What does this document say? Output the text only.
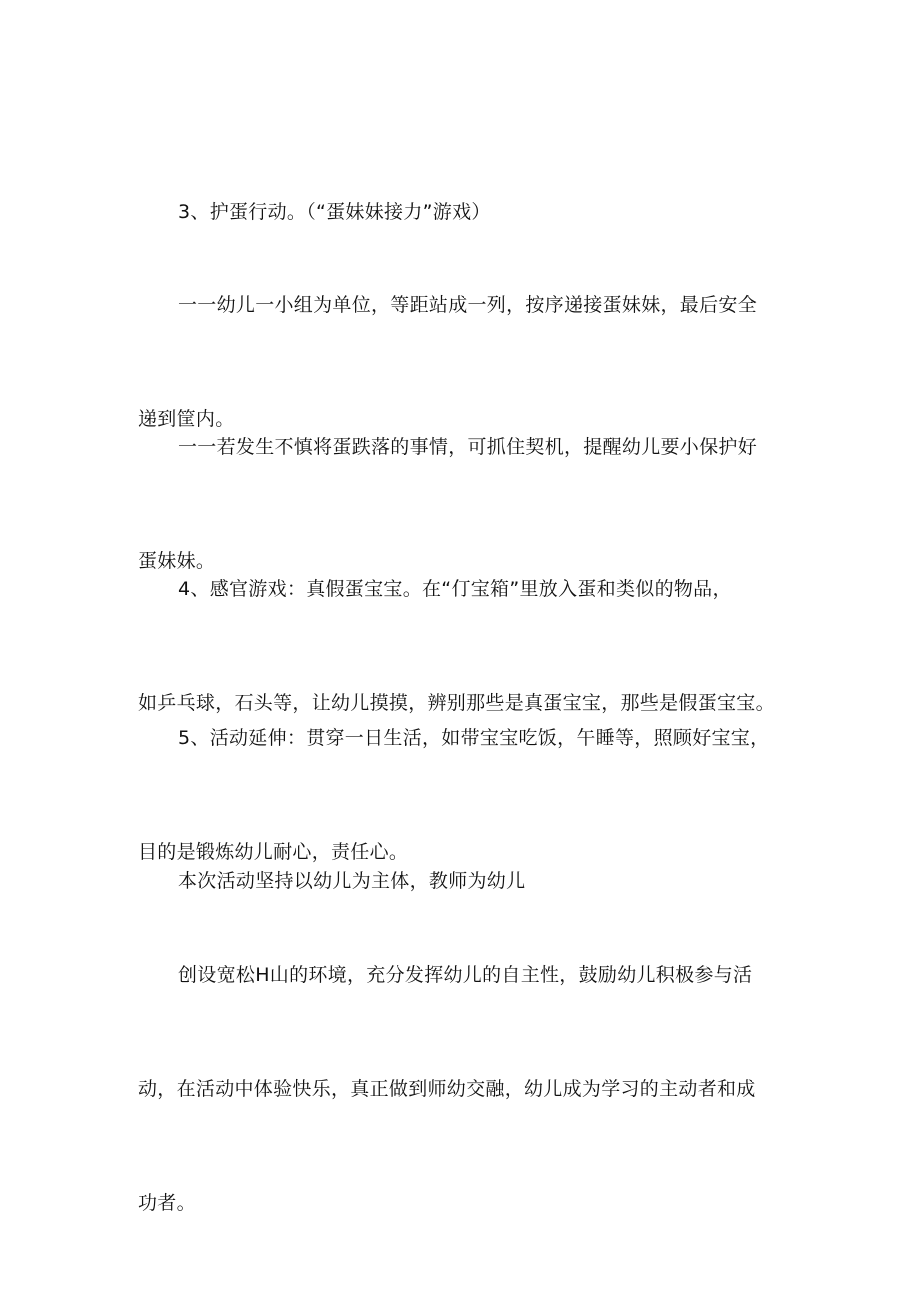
3、护蛋行动。（“蛋妹妹接力”游戏）

一一幼儿一小组为单位，等距站成一列，按序递接蛋妹妹，最后安全

递到筐内。

一一若发生不慎将蛋跌落的事情，可抓住契机，提醒幼儿要小保护好

蛋妹妹。

4、感官游戏：真假蛋宝宝。在“仃宝箱”里放入蛋和类似的物品，

如乒乓球，石头等，让幼儿摸摸，辨别那些是真蛋宝宝，那些是假蛋宝宝。

5、活动延伸：贯穿一日生活，如带宝宝吃饭，午睡等，照顾好宝宝，

目的是锻炼幼儿耐心，责任心。

本次活动坚持以幼儿为主体，教师为幼儿

创设宽松H山的环境，充分发挥幼儿的自主性，鼓励幼儿积极参与活

动，在活动中体验快乐，真正做到师幼交融，幼儿成为学习的主动者和成

功者。
